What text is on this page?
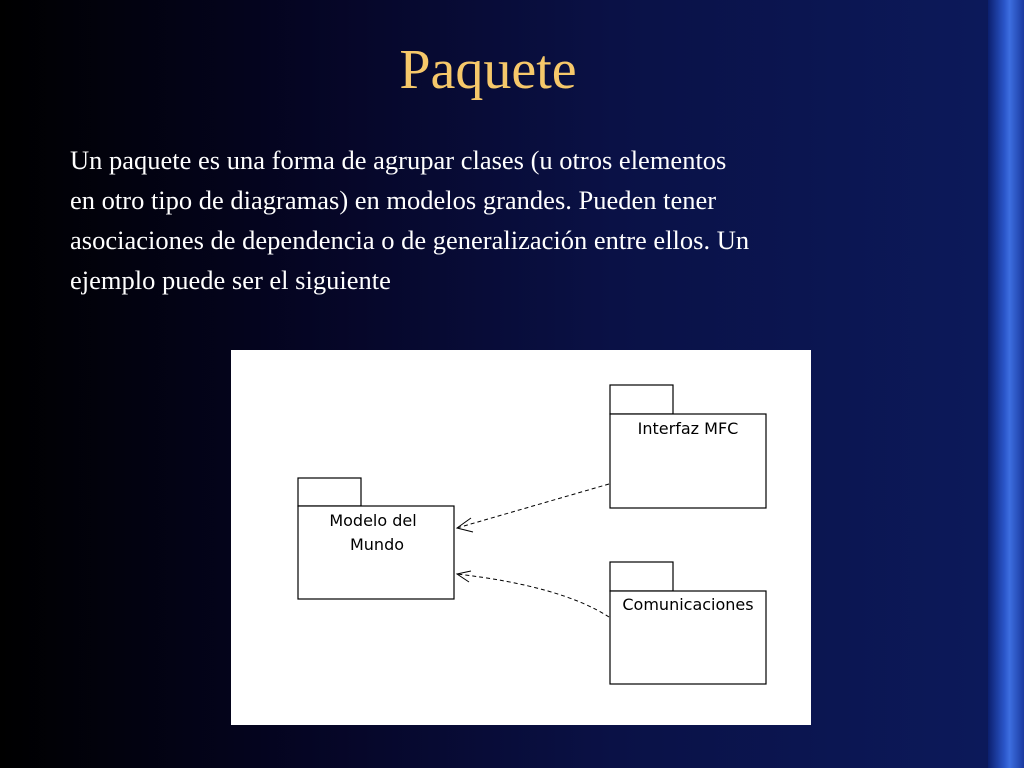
Paquete
Un paquete es una forma de agrupar clases (u otros elementos
en otro tipo de diagramas) en modelos grandes. Pueden tener
asociaciones de dependencia o de generalización entre ellos. Un
ejemplo puede ser el siguiente
Modelo del
Mundo
Interfaz MFC
Comunicaciones
